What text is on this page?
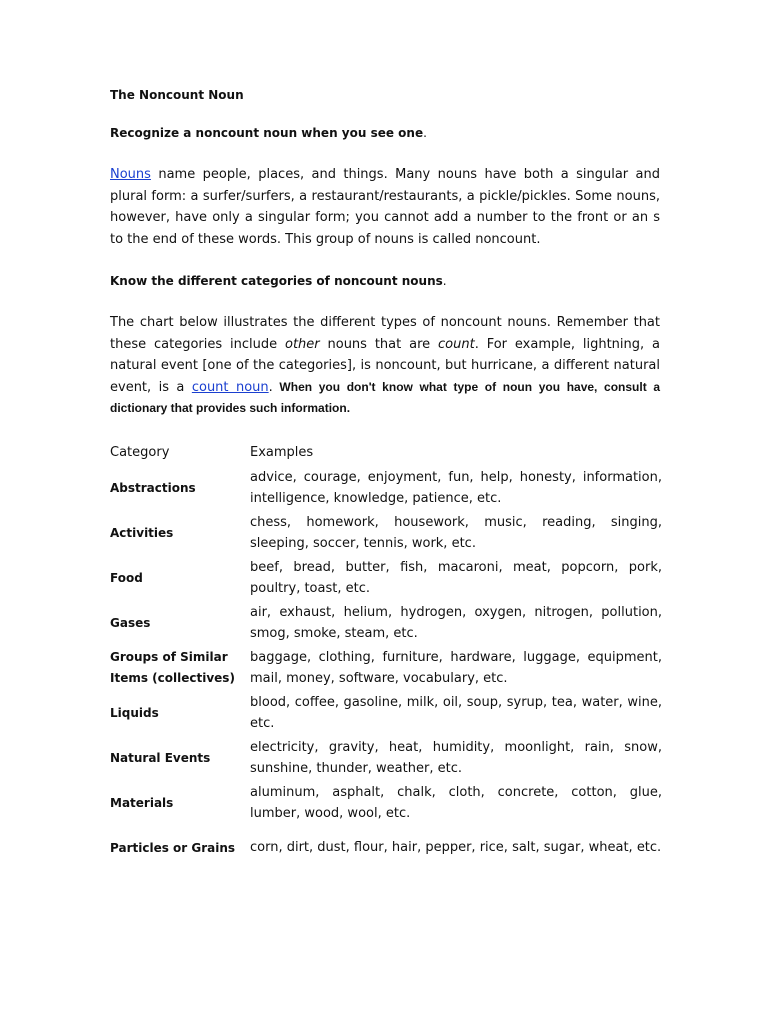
The Noncount Noun
Recognize a noncount noun when you see one.

Nouns name people, places, and things. Many nouns have both a singular and plural form: a surfer/surfers, a restaurant/restaurants, a pickle/pickles. Some nouns, however, have only a singular form; you cannot add a number to the front or an s to the end of these words. This group of nouns is called noncount.

Know the different categories of noncount nouns.

The chart below illustrates the different types of noncount nouns. Remember that these categories include other nouns that are count. For example, lightning, a natural event [one of the categories], is noncount, but hurricane, a different natural event, is a count noun. When you don't know what type of noun you have, consult a dictionary that provides such information.

Category	Examples
Abstractions	advice, courage, enjoyment, fun, help, honesty, information, intelligence, knowledge, patience, etc.
Activities	chess, homework, housework, music, reading, singing, sleeping, soccer, tennis, work, etc.
Food	beef, bread, butter, fish, macaroni, meat, popcorn, pork, poultry, toast, etc.
Gases	air, exhaust, helium, hydrogen, oxygen, nitrogen, pollution, smog, smoke, steam, etc.
Groups of Similar Items (collectives)	baggage, clothing, furniture, hardware, luggage, equipment, mail, money, software, vocabulary, etc.
Liquids	blood, coffee, gasoline, milk, oil, soup, syrup, tea, water, wine, etc.
Natural Events	electricity, gravity, heat, humidity, moonlight, rain, snow, sunshine, thunder, weather, etc.
Materials	aluminum, asphalt, chalk, cloth, concrete, cotton, glue, lumber, wood, wool, etc.
Particles or Grains	corn, dirt, dust, flour, hair, pepper, rice, salt, sugar, wheat, etc.
